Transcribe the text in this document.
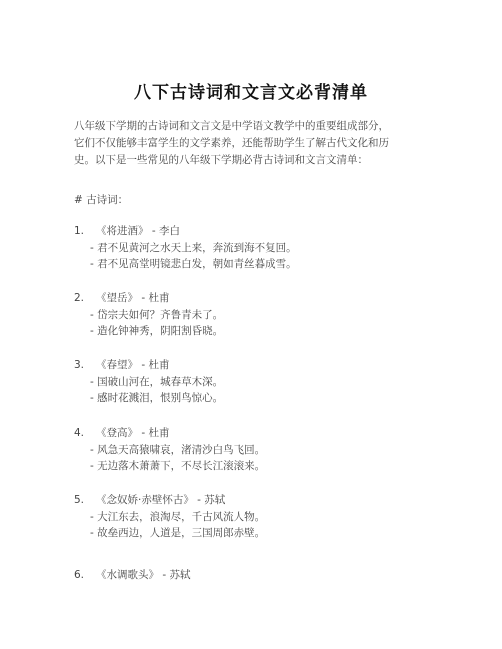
八下古诗词和文言文必背清单
八年级下学期的古诗词和文言文是中学语文教学中的重要组成部分，
它们不仅能够丰富学生的文学素养，还能帮助学生了解古代文化和历
史。以下是一些常见的八年级下学期必背古诗词和文言文清单：
# 古诗词：
1. 《将进酒》 - 李白
- 君不见黄河之水天上来，奔流到海不复回。
- 君不见高堂明镜悲白发，朝如青丝暮成雪。
2. 《望岳》 - 杜甫
- 岱宗夫如何？齐鲁青未了。
- 造化钟神秀，阴阳割昏晓。
3. 《春望》 - 杜甫
- 国破山河在，城春草木深。
- 感时花溅泪，恨别鸟惊心。
4. 《登高》 - 杜甫
- 风急天高猿啸哀，渚清沙白鸟飞回。
- 无边落木萧萧下，不尽长江滚滚来。
5. 《念奴娇·赤壁怀古》 - 苏轼
- 大江东去，浪淘尽，千古风流人物。
- 故垒西边，人道是，三国周郎赤壁。
6. 《水调歌头》 - 苏轼
